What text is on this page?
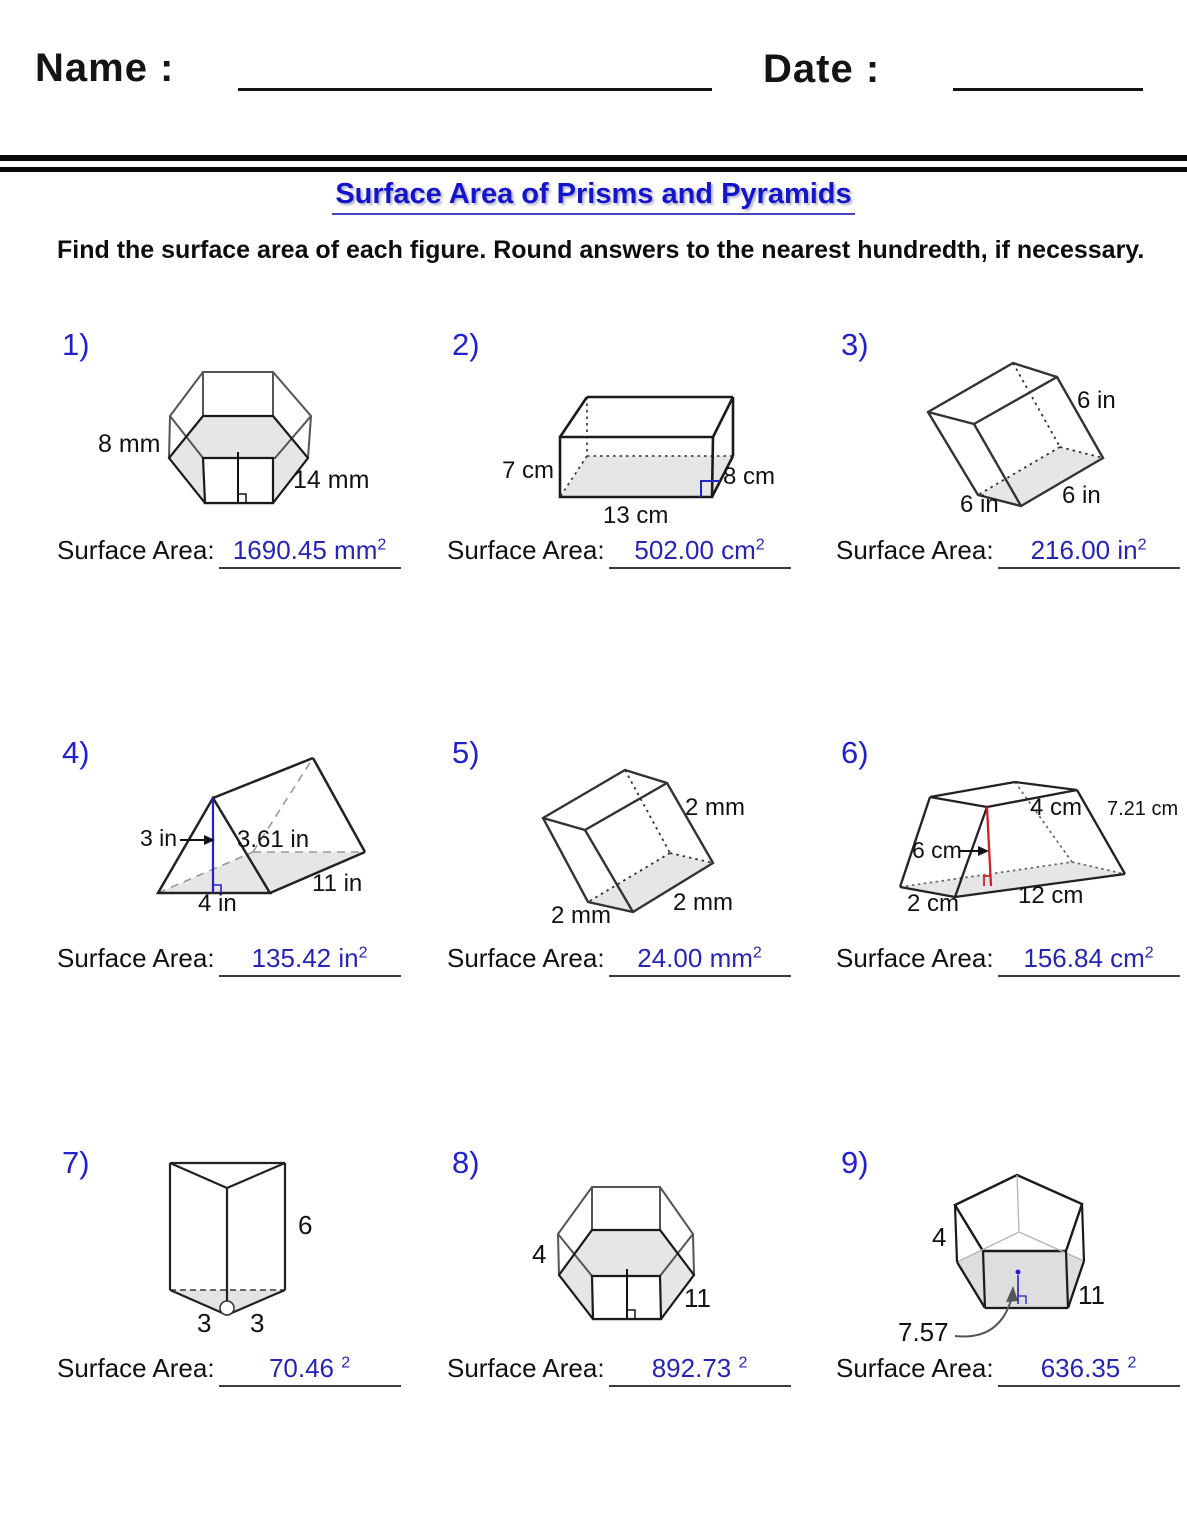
Name :	Date :
Surface Area of Prisms and Pyramids
Find the surface area of each figure. Round answers to the nearest hundredth, if necessary.
1)
8 mm
14 mm
Surface Area: 1690.45 $mm^2$
2)
7 cm	8 cm
13 cm
Surface Area: 502.00 $cm^2$
3)
6 in
6 in	6 in
Surface Area: 216.00 $in^2$
4)
3 in 3.61 in
4 in
11 in
Surface Area: 135.42 $in^2$
5)
2 mm
2 mm	2 mm
Surface Area: 24.00 $mm^2$
6)
6 cm
4 cm 7.21 cm
12 cm
2 cm
Surface Area: 156.84 $cm^2$
7)
6
3 3
Surface Area: 70.46 $^2$
8)
4
11
Surface Area: 892.73 $^2$
9)
4
11
7.57
Surface Area: 636.35 $^2$
